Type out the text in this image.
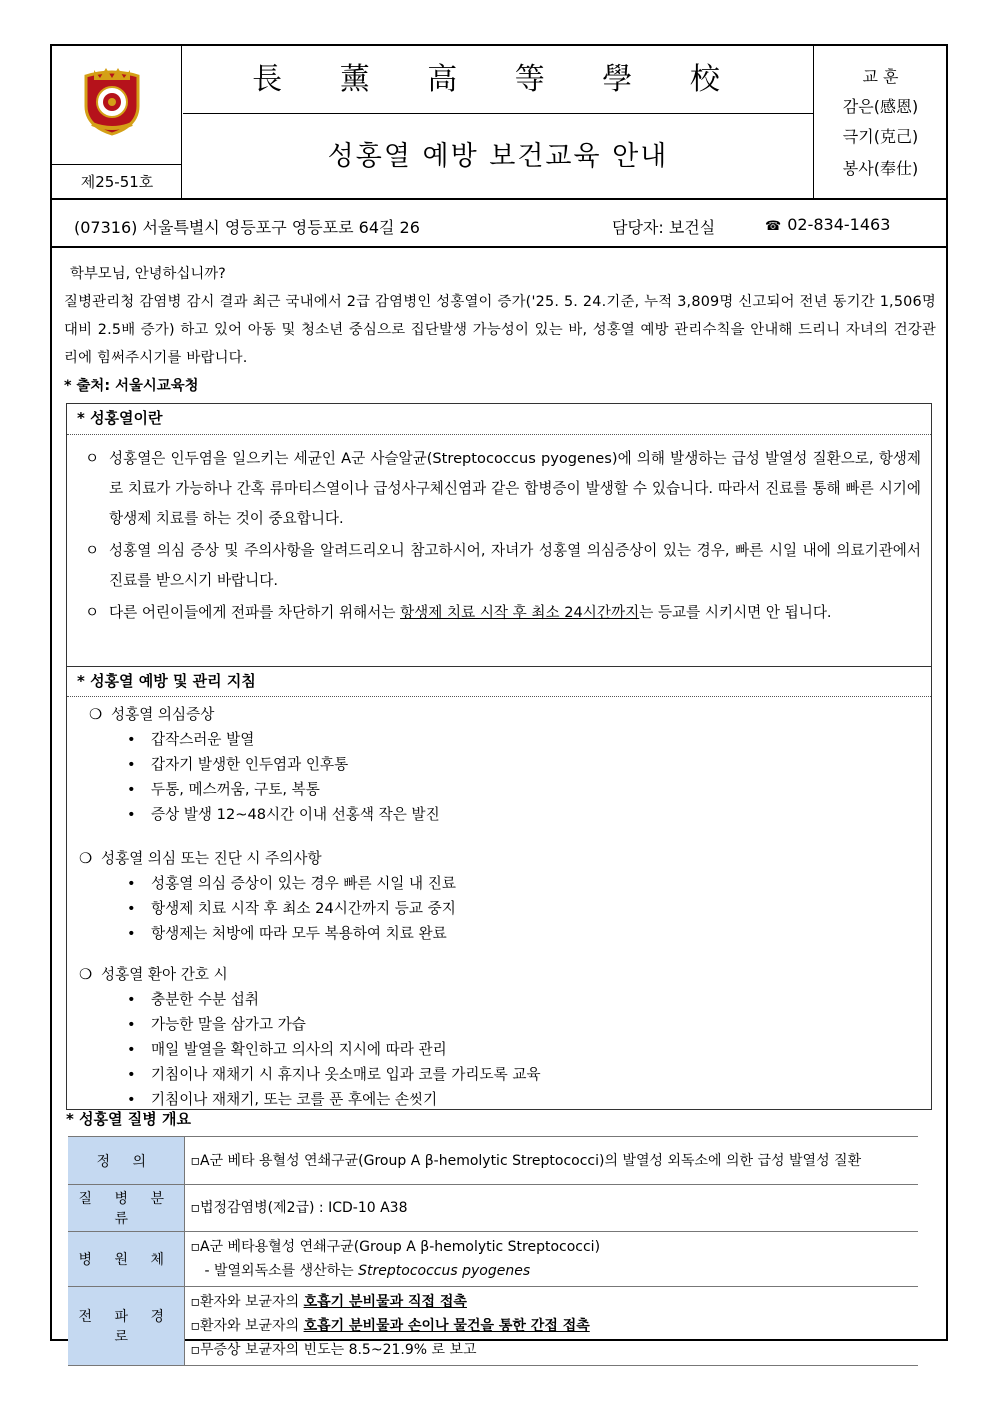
제25-51호
長 薰 高 等 學 校
성홍열 예방 보건교육 안내
교 훈
감은(感恩)
극기(克己)
봉사(奉仕)
(07316) 서울특별시 영등포구 영등포로 64길 26	담당자: 보건실	☎ 02-834-1463
학부모님, 안녕하십니까?
질병관리청 감염병 감시 결과 최근 국내에서 2급 감염병인 성홍열이 증가('25. 5. 24.기준, 누적 3,809명 신고되어 전년 동기간 1,506명 대비 2.5배 증가) 하고 있어 아동 및 청소년 중심으로 집단발생 가능성이 있는 바, 성홍열 예방 관리수칙을 안내해 드리니 자녀의 건강관리에 힘써주시기를 바랍니다.
* 출처: 서울시교육청
* 성홍열이란
ㅇ 성홍열은 인두염을 일으키는 세균인 A군 사슬알균(Streptococcus pyogenes)에 의해 발생하는 급성 발열성 질환으로, 항생제로 치료가 가능하나 간혹 류마티스열이나 급성사구체신염과 같은 합병증이 발생할 수 있습니다. 따라서 진료를 통해 빠른 시기에 항생제 치료를 하는 것이 중요합니다.
ㅇ 성홍열 의심 증상 및 주의사항을 알려드리오니 참고하시어, 자녀가 성홍열 의심증상이 있는 경우, 빠른 시일 내에 의료기관에서 진료를 받으시기 바랍니다.
ㅇ 다른 어린이들에게 전파를 차단하기 위해서는 항생제 치료 시작 후 최소 24시간까지는 등교를 시키시면 안 됩니다.
* 성홍열 예방 및 관리 지침
❍ 성홍열 의심증상
• 갑작스러운 발열
• 갑자기 발생한 인두염과 인후통
• 두통, 메스꺼움, 구토, 복통
• 증상 발생 12~48시간 이내 선홍색 작은 발진
❍ 성홍열 의심 또는 진단 시 주의사항
• 성홍열 의심 증상이 있는 경우 빠른 시일 내 진료
• 항생제 치료 시작 후 최소 24시간까지 등교 중지
• 항생제는 처방에 따라 모두 복용하여 치료 완료
❍ 성홍열 환아 간호 시
• 충분한 수분 섭취
• 가능한 말을 삼가고 가습
• 매일 발열을 확인하고 의사의 지시에 따라 관리
• 기침이나 재채기 시 휴지나 옷소매로 입과 코를 가리도록 교육
• 기침이나 재채기, 또는 코를 푼 후에는 손씻기
* 성홍열 질병 개요
정 의	▫A군 베타 용혈성 연쇄구균(Group A β-hemolytic Streptococci)의 발열성 외독소에 의한 급성 발열성 질환
질 병 분 류	▫법정감염병(제2급) : ICD-10 A38
병 원 체	▫A군 베타용혈성 연쇄구균(Group A β-hemolytic Streptococci)
- 발열외독소를 생산하는 Streptococcus pyogenes

전 파 경 로	▫환자와 보균자의 호흡기 분비물과 직접 접촉
▫환자와 보균자의 호흡기 분비물과 손이나 물건을 통한 간접 접촉
▫무증상 보균자의 빈도는 8.5~21.9% 로 보고
